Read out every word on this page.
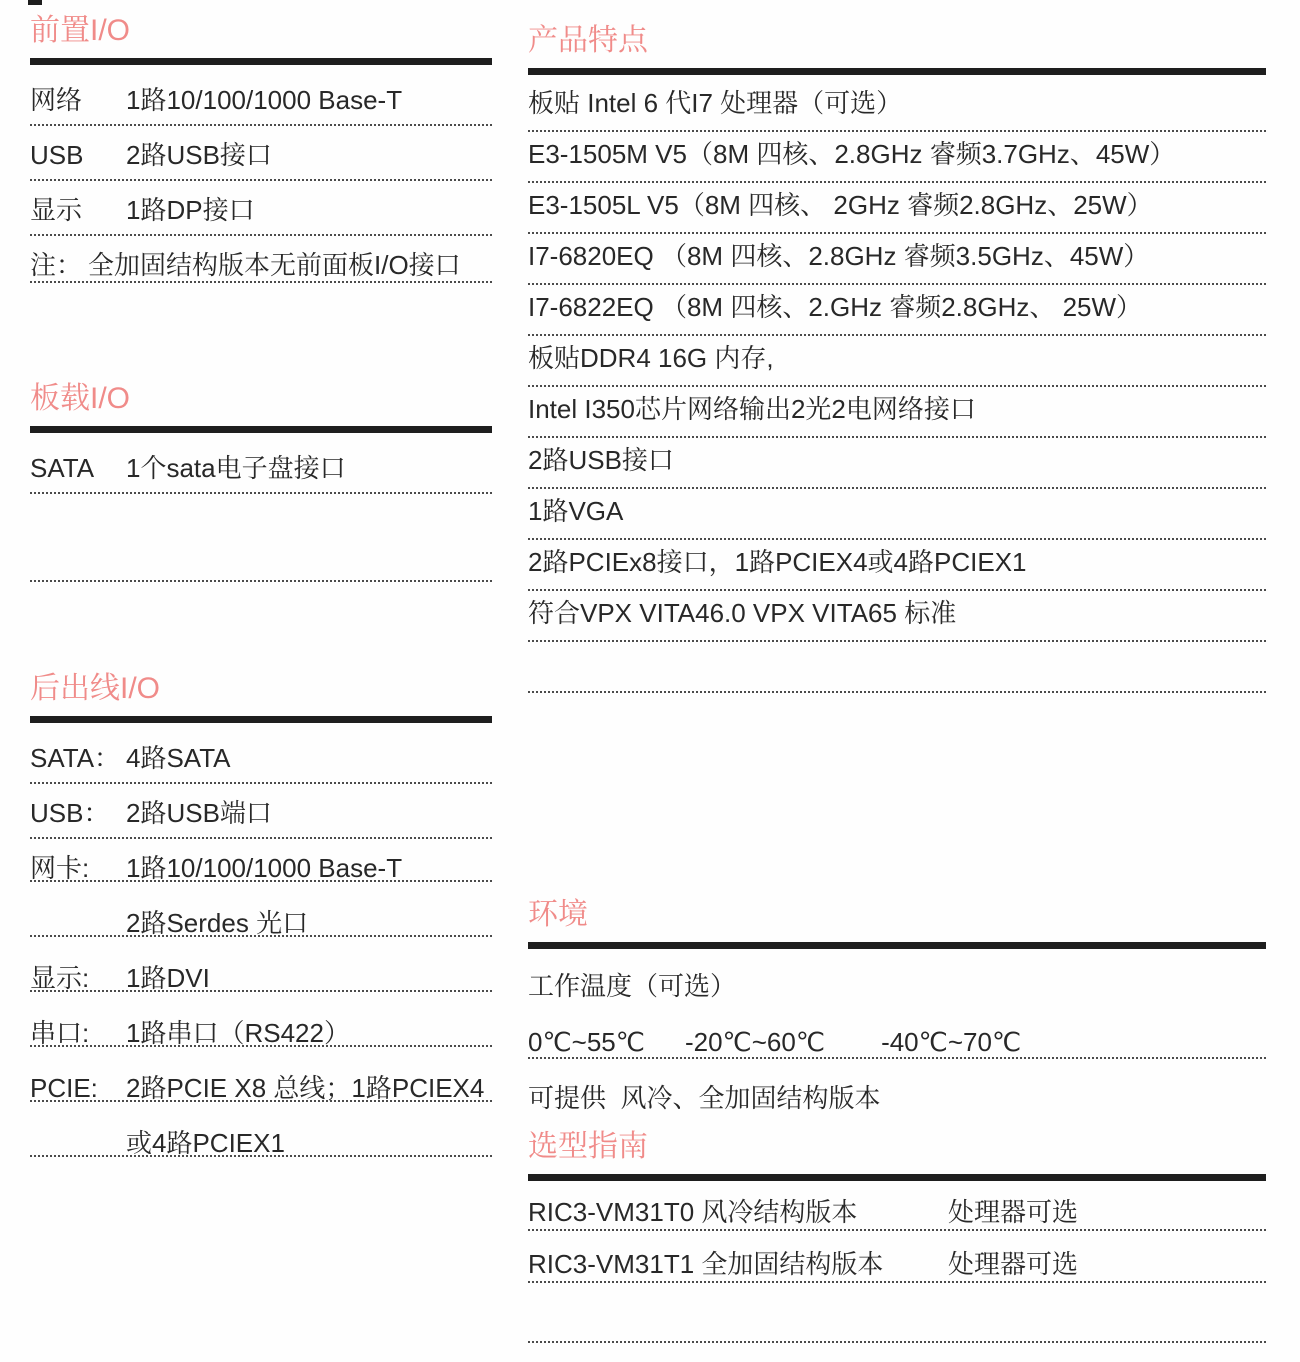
前置I/O
网络	1路10/100/1000 Base-T
USB	2路USB接口
显示	1路DP接口
注： 全加固结构版本无前面板I/O接口
板载I/O
SATA	1个sata电子盘接口
后出线I/O
SATA： 4路SATA
USB： 2路USB端口
网卡:	1路10/100/1000 Base-T
2路Serdes 光口
显示:	1路DVI
串口:	1路串口（RS422）
PCIE:	2路PCIE X8 总线；1路PCIEX4
或4路PCIEX1
产品特点
板贴 Intel 6 代I7 处理器（可选）
E3-1505M V5（8M 四核、2.8GHz 睿频3.7GHz、45W）
E3-1505L V5（8M 四核、 2GHz 睿频2.8GHz、25W）
I7-6820EQ （8M 四核、2.8GHz 睿频3.5GHz、45W）
I7-6822EQ （8M 四核、2.GHz 睿频2.8GHz、 25W）
板贴DDR4 16G 内存,
Intel I350芯片网络输出2光2电网络接口
2路USB接口
1路VGA
2路PCIEx8接口，1路PCIEX4或4路PCIEX1
符合VPX VITA46.0 VPX VITA65 标准
环境
工作温度（可选）
0℃~55℃ -20℃~60℃ -40℃~70℃
可提供  风冷、全加固结构版本
选型指南
RIC3-VM31T0 风冷结构版本	处理器可选
RIC3-VM31T1 全加固结构版本	处理器可选
